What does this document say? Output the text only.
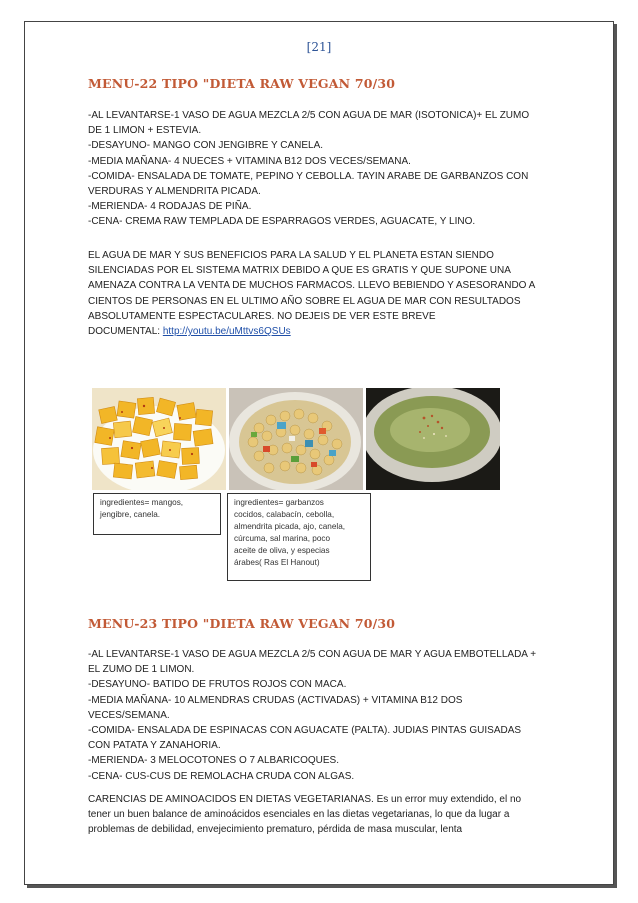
[21]
MENU-22 TIPO "DIETA RAW VEGAN 70/30

-AL LEVANTARSE-1 VASO DE AGUA MEZCLA 2/5 CON AGUA DE MAR (ISOTONICA)+ EL ZUMO

DE 1 LIMON + ESTEVIA.

-DESAYUNO- MANGO CON JENGIBRE Y CANELA.

-MEDIA MAÑANA- 4 NUECES + VITAMINA B12 DOS VECES/SEMANA.

-COMIDA- ENSALADA DE TOMATE, PEPINO Y CEBOLLA. TAYIN ARABE DE GARBANZOS CON

VERDURAS Y ALMENDRITA PICADA.

-MERIENDA- 4 RODAJAS DE PIÑA.

-CENA- CREMA RAW TEMPLADA DE ESPARRAGOS VERDES, AGUACATE, Y LINO.

EL AGUA DE MAR Y SUS BENEFICIOS PARA LA SALUD Y EL PLANETA ESTAN SIENDO

SILENCIADAS POR EL SISTEMA MATRIX DEBIDO A QUE ES GRATIS Y QUE SUPONE UNA

AMENAZA CONTRA LA VENTA DE MUCHOS FARMACOS. LLEVO BEBIENDO Y ASESORANDO A

CIENTOS DE PERSONAS EN EL ULTIMO AÑO SOBRE EL AGUA DE MAR CON RESULTADOS

ABSOLUTAMENTE ESPECTACULARES. NO DEJEIS DE VER ESTE BREVE

DOCUMENTAL: http://youtu.be/uMttvs6QSUs

ingredientes= mangos,
jengibre, canela.
ingredientes= garbanzos
cocidos, calabacín, cebolla,
almendrita picada, ajo, canela,
cúrcuma, sal marina, poco
aceite de oliva, y especias
árabes( Ras El Hanout)
MENU-23 TIPO "DIETA RAW VEGAN 70/30

-AL LEVANTARSE-1 VASO DE AGUA MEZCLA 2/5 CON AGUA DE MAR Y AGUA EMBOTELLADA +

EL ZUMO DE 1 LIMON.

-DESAYUNO- BATIDO DE FRUTOS ROJOS CON MACA.

-MEDIA MAÑANA- 10 ALMENDRAS CRUDAS (ACTIVADAS) + VITAMINA B12 DOS

VECES/SEMANA.

-COMIDA- ENSALADA DE ESPINACAS CON AGUACATE (PALTA). JUDIAS PINTAS GUISADAS

CON PATATA Y ZANAHORIA.

-MERIENDA- 3 MELOCOTONES O 7 ALBARICOQUES.

-CENA- CUS-CUS DE REMOLACHA CRUDA CON ALGAS.

CARENCIAS DE AMINOACIDOS EN DIETAS VEGETARIANAS. Es un error muy extendido, el no

tener un buen balance de aminoácidos esenciales en las dietas vegetarianas, lo que da lugar a

problemas de debilidad, envejecimiento prematuro, pérdida de masa muscular, lenta
